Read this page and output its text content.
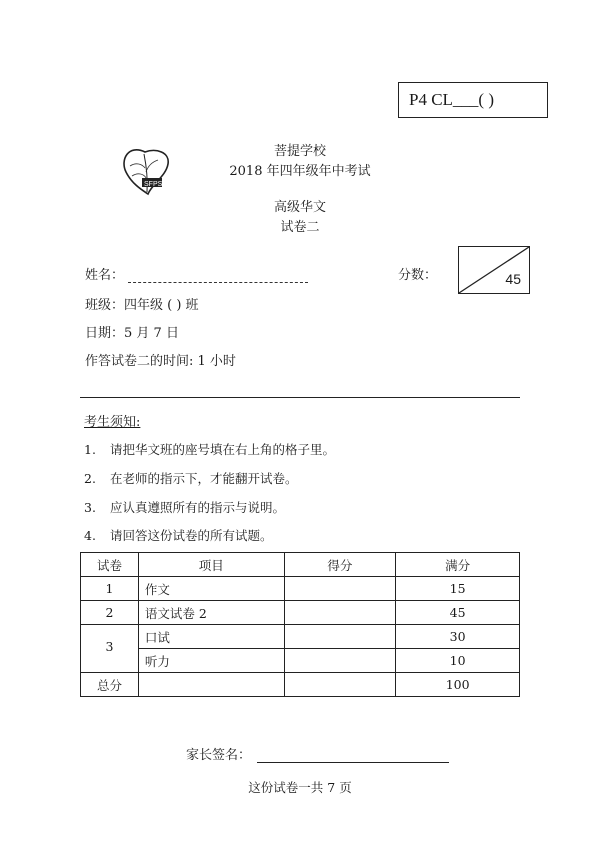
P4 CL___( )
SFPS
菩提学校
2018 年四年级年中考试
高级华文
试卷二
姓名：	分数：	45
班级：四年级 ( ) 班
日期：5 月 7 日
作答试卷二的时间: 1 小时
考生须知:
1. 请把华文班的座号填在右上角的格子里。
2. 在老师的指示下，才能翻开试卷。
3. 应认真遵照所有的指示与说明。
4. 请回答这份试卷的所有试题。
试卷	项目	得分	满分
1	作文		15
2	语文试卷 2		45
3	口试		30
	听力		10
总分			100
家长签名：
这份试卷一共 7 页
